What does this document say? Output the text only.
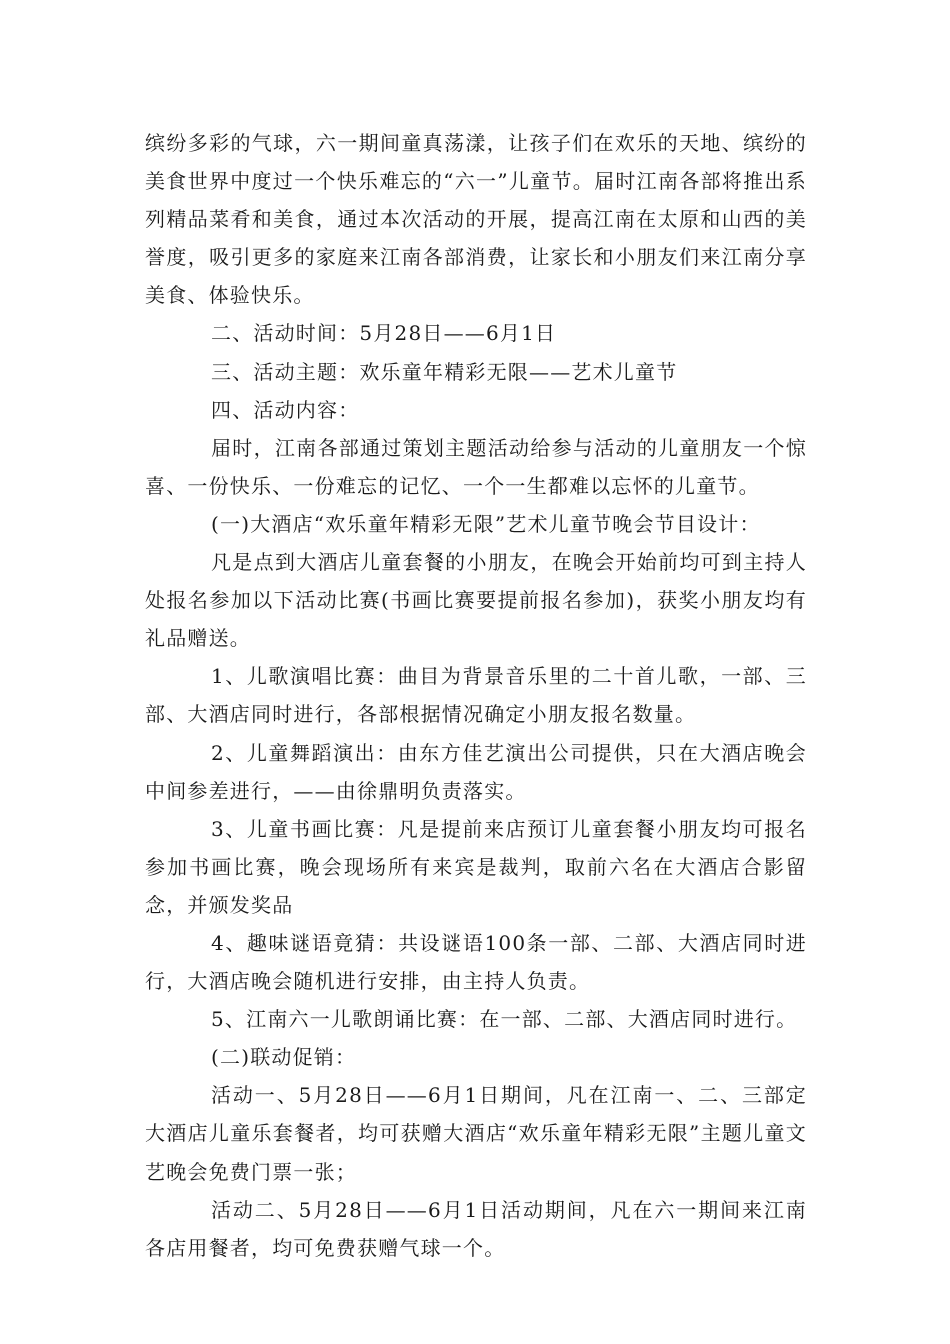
缤纷多彩的气球，六一期间童真荡漾，让孩子们在欢乐的天地、缤纷的美食世界中度过一个快乐难忘的“六一”儿童节。届时江南各部将推出系列精品菜肴和美食，通过本次活动的开展，提高江南在太原和山西的美誉度，吸引更多的家庭来江南各部消费，让家长和小朋友们来江南分享美食、体验快乐。

二、活动时间：5月28日——6月1日

三、活动主题：欢乐童年精彩无限——艺术儿童节

四、活动内容：

届时，江南各部通过策划主题活动给参与活动的儿童朋友一个惊喜、一份快乐、一份难忘的记忆、一个一生都难以忘怀的儿童节。

(一)大酒店“欢乐童年精彩无限”艺术儿童节晚会节目设计：

凡是点到大酒店儿童套餐的小朋友，在晚会开始前均可到主持人处报名参加以下活动比赛(书画比赛要提前报名参加)，获奖小朋友均有礼品赠送。

1、儿歌演唱比赛：曲目为背景音乐里的二十首儿歌，一部、三部、大酒店同时进行，各部根据情况确定小朋友报名数量。

2、儿童舞蹈演出：由东方佳艺演出公司提供，只在大酒店晚会中间参差进行，——由徐鼎明负责落实。

3、儿童书画比赛：凡是提前来店预订儿童套餐小朋友均可报名参加书画比赛，晚会现场所有来宾是裁判，取前六名在大酒店合影留念，并颁发奖品

4、趣味谜语竟猜：共设谜语100条一部、二部、大酒店同时进行，大酒店晚会随机进行安排，由主持人负责。

5、江南六一儿歌朗诵比赛：在一部、二部、大酒店同时进行。

(二)联动促销：

活动一、5月28日——6月1日期间，凡在江南一、二、三部定大酒店儿童乐套餐者，均可获赠大酒店“欢乐童年精彩无限”主题儿童文艺晚会免费门票一张；

活动二、5月28日——6月1日活动期间，凡在六一期间来江南各店用餐者，均可免费获赠气球一个。
